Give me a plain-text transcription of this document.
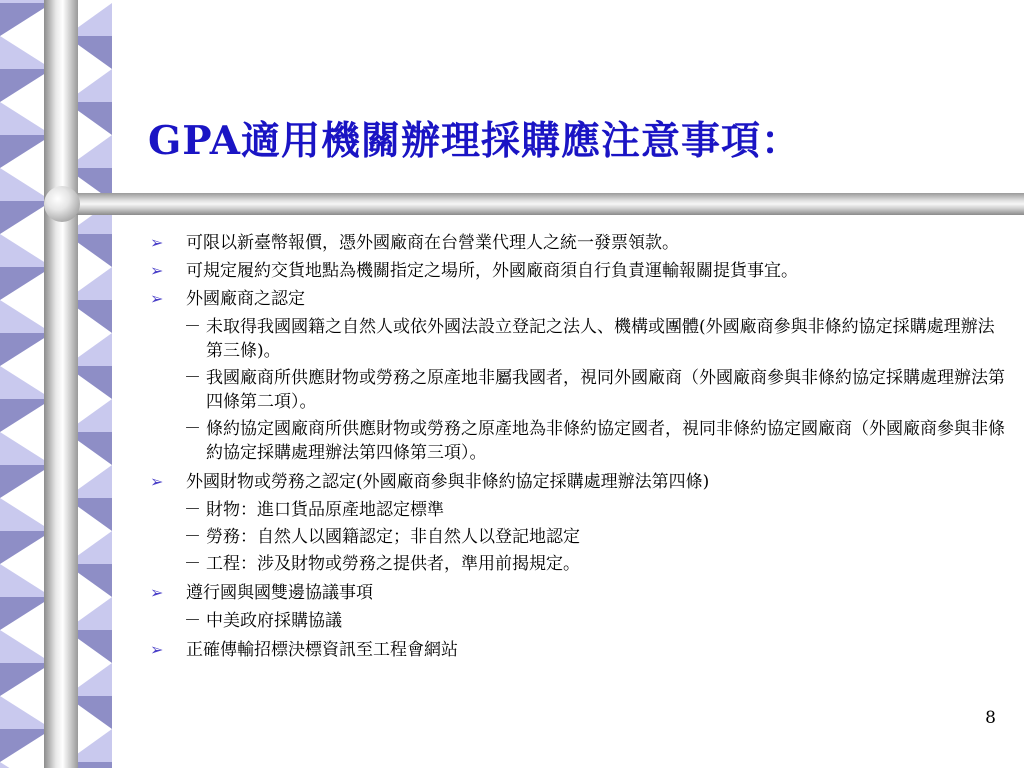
GPA適用機關辦理採購應注意事項：
➢	可限以新臺幣報價，憑外國廠商在台營業代理人之統一發票領款。
➢	可規定履約交貨地點為機關指定之場所，外國廠商須自行負責運輸報關提貨事宜。
➢	外國廠商之認定
－ 未取得我國國籍之自然人或依外國法設立登記之法人、機構或團體(外國廠商參與非條約協定採購處理辦法第三條)。
－ 我國廠商所供應財物或勞務之原產地非屬我國者，視同外國廠商（外國廠商參與非條約協定採購處理辦法第四條第二項）。
－ 條約協定國廠商所供應財物或勞務之原產地為非條約協定國者，視同非條約協定國廠商（外國廠商參與非條約協定採購處理辦法第四條第三項）。
➢	外國財物或勞務之認定(外國廠商參與非條約協定採購處理辦法第四條)
－ 財物：進口貨品原產地認定標準
－ 勞務：自然人以國籍認定；非自然人以登記地認定
－ 工程：涉及財物或勞務之提供者，準用前揭規定。
➢	遵行國與國雙邊協議事項
－ 中美政府採購協議
➢	正確傳輸招標決標資訊至工程會網站
8
